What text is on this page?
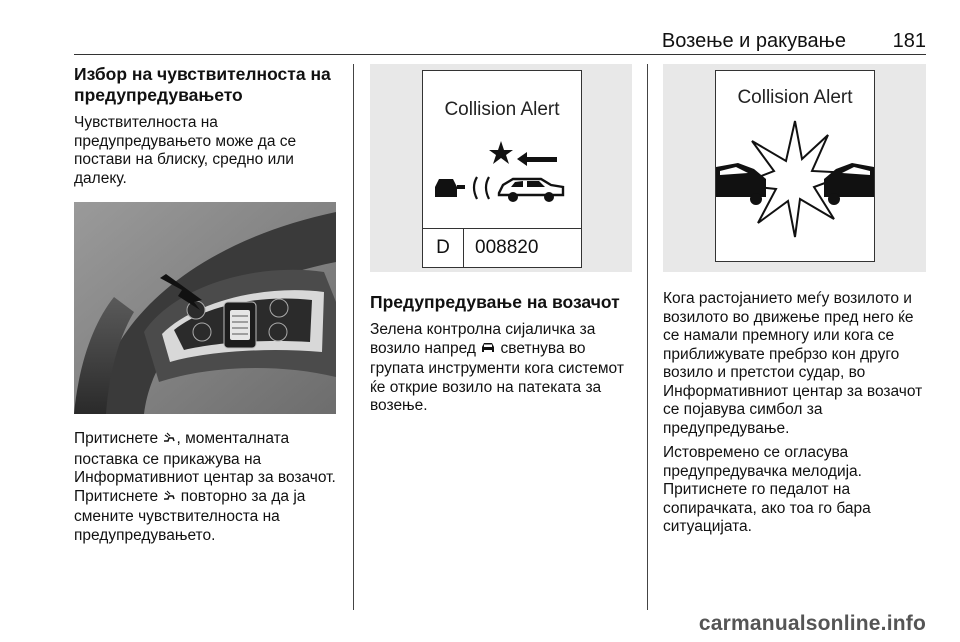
Возење и ракување 181
Избор на чувствителноста на предупредувањето

Чувствителноста на предупредувањето може да се постави на блиску, средно или далеку.

Притиснете , моменталната поставка се прикажува на Информативниот центар за возачот. Притиснете  повторно за да ја смените чувствителноста на предупредувањето.

Collision Alert
D	008820
Предупредување на возачот

Зелена контролна сијаличка за возило напред  светнува во групата инструменти кога системот ќе открие возило на патеката за возење.

Collision Alert

Кога растојанието меѓу возилото и возилото во движење пред него ќе се намали премногу или кога се приближувате пребрзо кон друго возило и претстои судар, во Информативниот центар за возачот се појавува симбол за предупредување.

Истовремено се огласува предупредувачка мелодија. Притиснете го педалот на сопирачката, ако тоа го бара ситуацијата.

carmanualsonline.info
